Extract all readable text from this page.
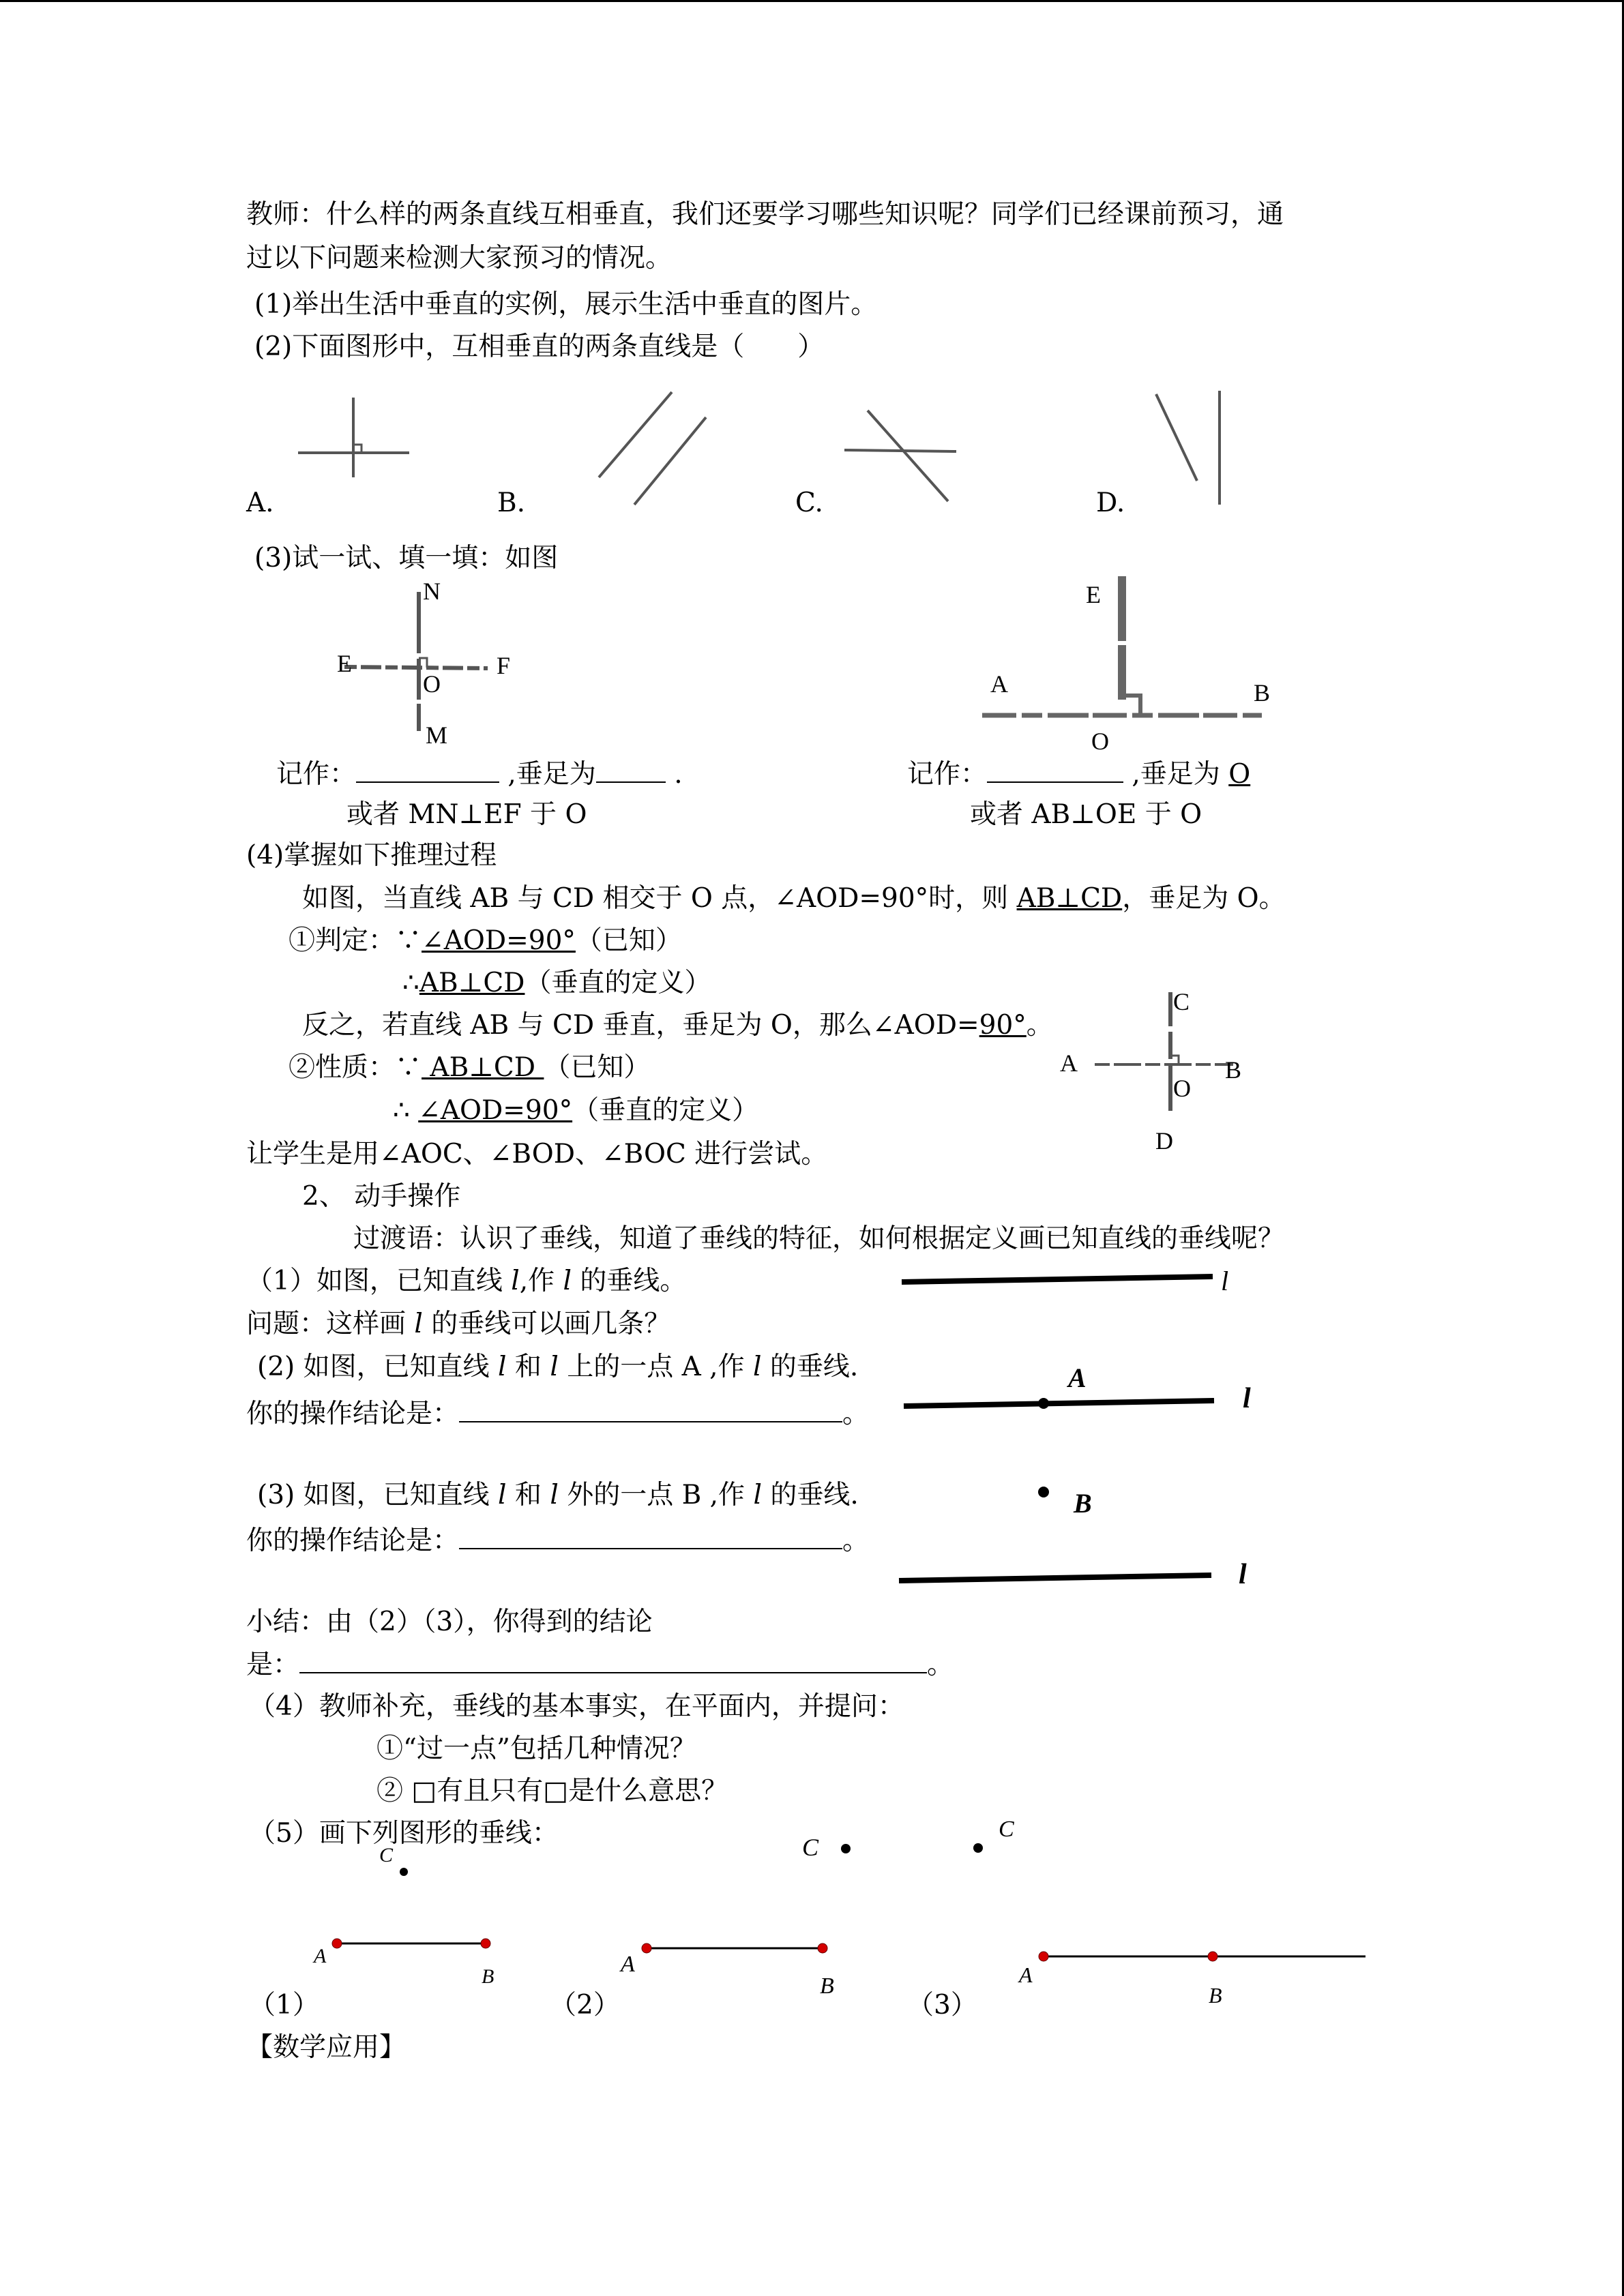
教师：什么样的两条直线互相垂直，我们还要学习哪些知识呢？同学们已经课前预习，通
过以下问题来检测大家预习的情况。
(1)举出生活中垂直的实例，展示生活中垂直的图片。
(2)下面图形中，互相垂直的两条直线是（　　）
A.	B.	C.	D.
(3)试一试、填一填：如图
N
E	F
O
M
E
A	B
O
记作：	,垂足为	.
或者 MN⊥EF 于 O
记作：	,垂足为 O
或者 AB⊥OE 于 O
(4)掌握如下推理过程
如图，当直线 AB 与 CD 相交于 O 点，∠AOD=90°时，则 AB⊥CD，垂足为 O。
①判定：∵∠AOD=90°（已知）
∴AB⊥CD（垂直的定义）
反之，若直线 AB 与 CD 垂直，垂足为 O，那么∠AOD=90°。
②性质：∵ AB⊥CD （已知）
∴ ∠AOD=90°（垂直的定义）
让学生是用∠AOC、∠BOD、∠BOC 进行尝试。
C
A	B
O
D
2、 动手操作
过渡语：认识了垂线，知道了垂线的特征，如何根据定义画已知直线的垂线呢？
（1）如图，已知直线 l,作 l 的垂线。
问题：这样画 l 的垂线可以画几条？
(2) 如图，已知直线 l 和 l 上的一点 A ,作 l 的垂线.
你的操作结论是：	。
(3) 如图，已知直线 l 和 l 外的一点 B ,作 l 的垂线.
你的操作结论是：	。
l
A
l
B
l
小结：由（2）（3），你得到的结论
是：	。
（4）教师补充，垂线的基本事实，在平面内，并提问：
①“过一点”包括几种情况？
② □有且只有□是什么意思？
（5）画下列图形的垂线：
C
A
B
C
A
B
C
A
B
（1）	（2）	（3）
【数学应用】
